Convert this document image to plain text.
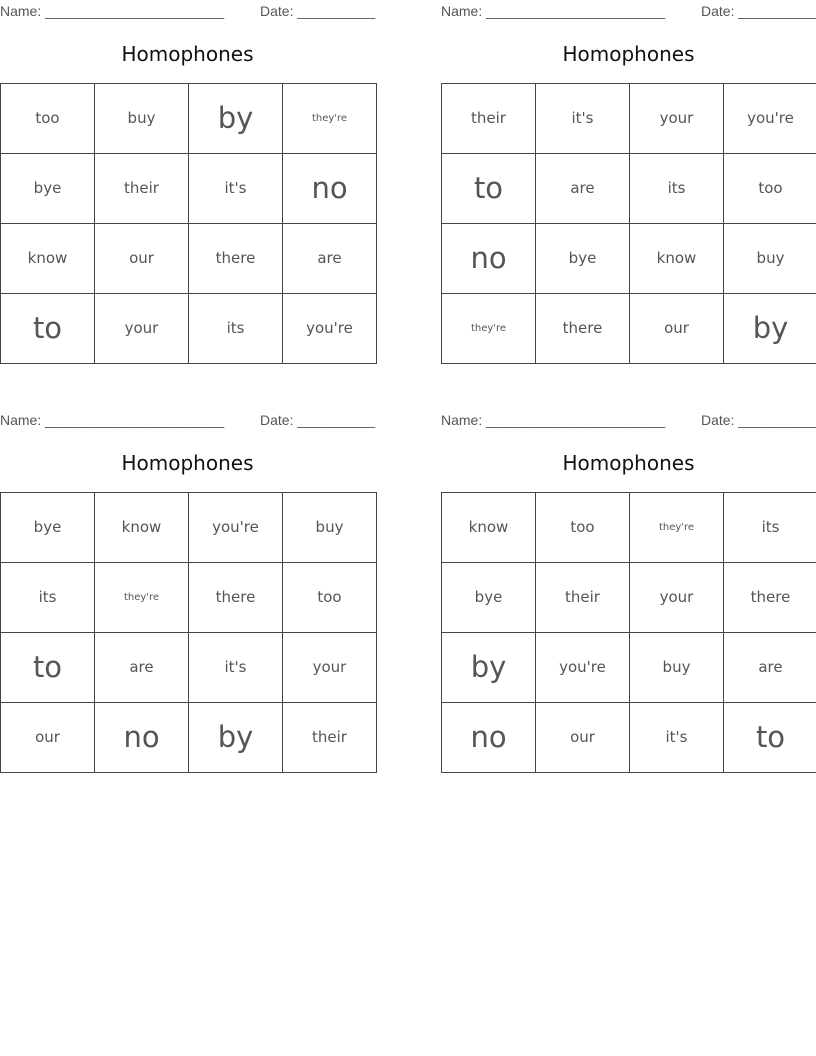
Name: _______________________	Date: __________
Homophones
too	buy	by	they're
bye	their	it's	no
know	our	there	are
to	your	its	you're
Name: _______________________	Date: __________
Homophones
their	it's	your	you're
to	are	its	too
no	bye	know	buy
they're	there	our	by
Name: _______________________	Date: __________
Homophones
bye	know	you're	buy
its	they're	there	too
to	are	it's	your
our	no	by	their
Name: _______________________	Date: __________
Homophones
know	too	they're	its
bye	their	your	there
by	you're	buy	are
no	our	it's	to
